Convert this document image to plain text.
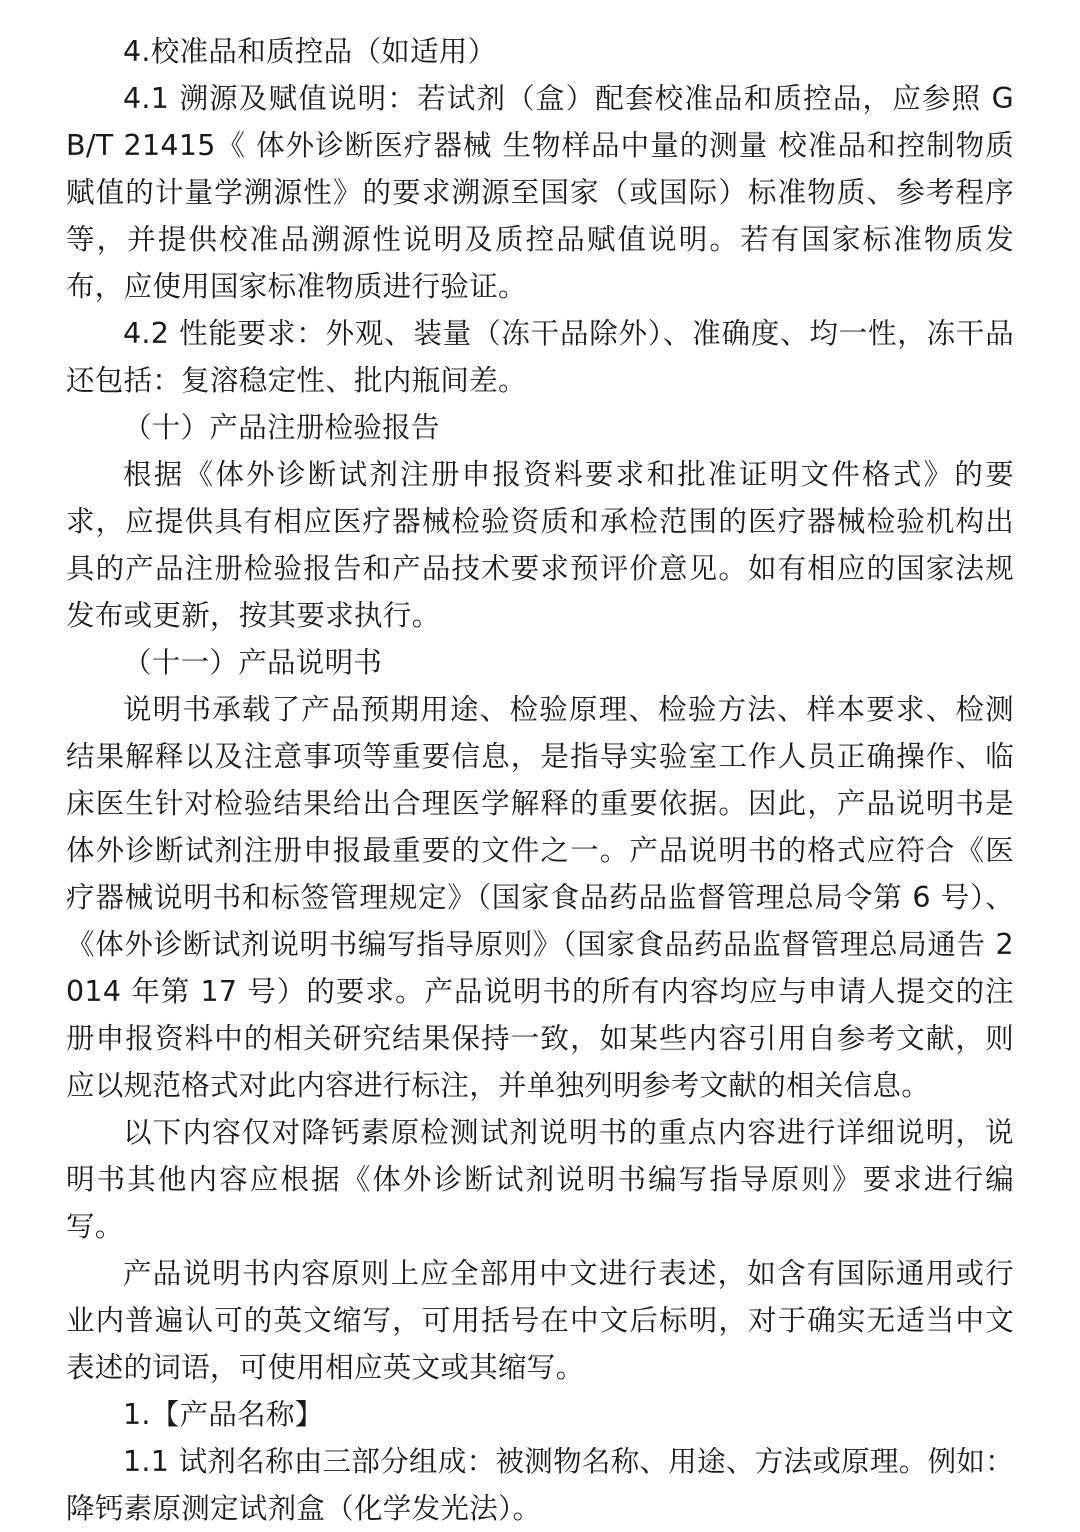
4.校准品和质控品（如适用）

4.1 溯源及赋值说明：若试剂（盒）配套校准品和质控品，应参照 GB/T 21415《 体外诊断医疗器械 生物样品中量的测量 校准品和控制物质赋值的计量学溯源性》的要求溯源至国家（或国际）标准物质、参考程序等，并提供校准品溯源性说明及质控品赋值说明。若有国家标准物质发布，应使用国家标准物质进行验证。

4.2 性能要求：外观、装量（冻干品除外）、准确度、均一性，冻干品还包括：复溶稳定性、批内瓶间差。

（十）产品注册检验报告

根据《体外诊断试剂注册申报资料要求和批准证明文件格式》的要求，应提供具有相应医疗器械检验资质和承检范围的医疗器械检验机构出具的产品注册检验报告和产品技术要求预评价意见。如有相应的国家法规发布或更新，按其要求执行。

（十一）产品说明书

说明书承载了产品预期用途、检验原理、检验方法、样本要求、检测结果解释以及注意事项等重要信息，是指导实验室工作人员正确操作、临床医生针对检验结果给出合理医学解释的重要依据。因此，产品说明书是体外诊断试剂注册申报最重要的文件之一。产品说明书的格式应符合《医疗器械说明书和标签管理规定》（国家食品药品监督管理总局令第 6 号）、《体外诊断试剂说明书编写指导原则》（国家食品药品监督管理总局通告 2014 年第 17 号）的要求。产品说明书的所有内容均应与申请人提交的注册申报资料中的相关研究结果保持一致，如某些内容引用自参考文献，则应以规范格式对此内容进行标注，并单独列明参考文献的相关信息。

以下内容仅对降钙素原检测试剂说明书的重点内容进行详细说明，说明书其他内容应根据《体外诊断试剂说明书编写指导原则》要求进行编写。

产品说明书内容原则上应全部用中文进行表述，如含有国际通用或行业内普遍认可的英文缩写，可用括号在中文后标明，对于确实无适当中文表述的词语，可使用相应英文或其缩写。

1.【产品名称】

1.1 试剂名称由三部分组成：被测物名称、用途、方法或原理。例如：降钙素原测定试剂盒（化学发光法）。
